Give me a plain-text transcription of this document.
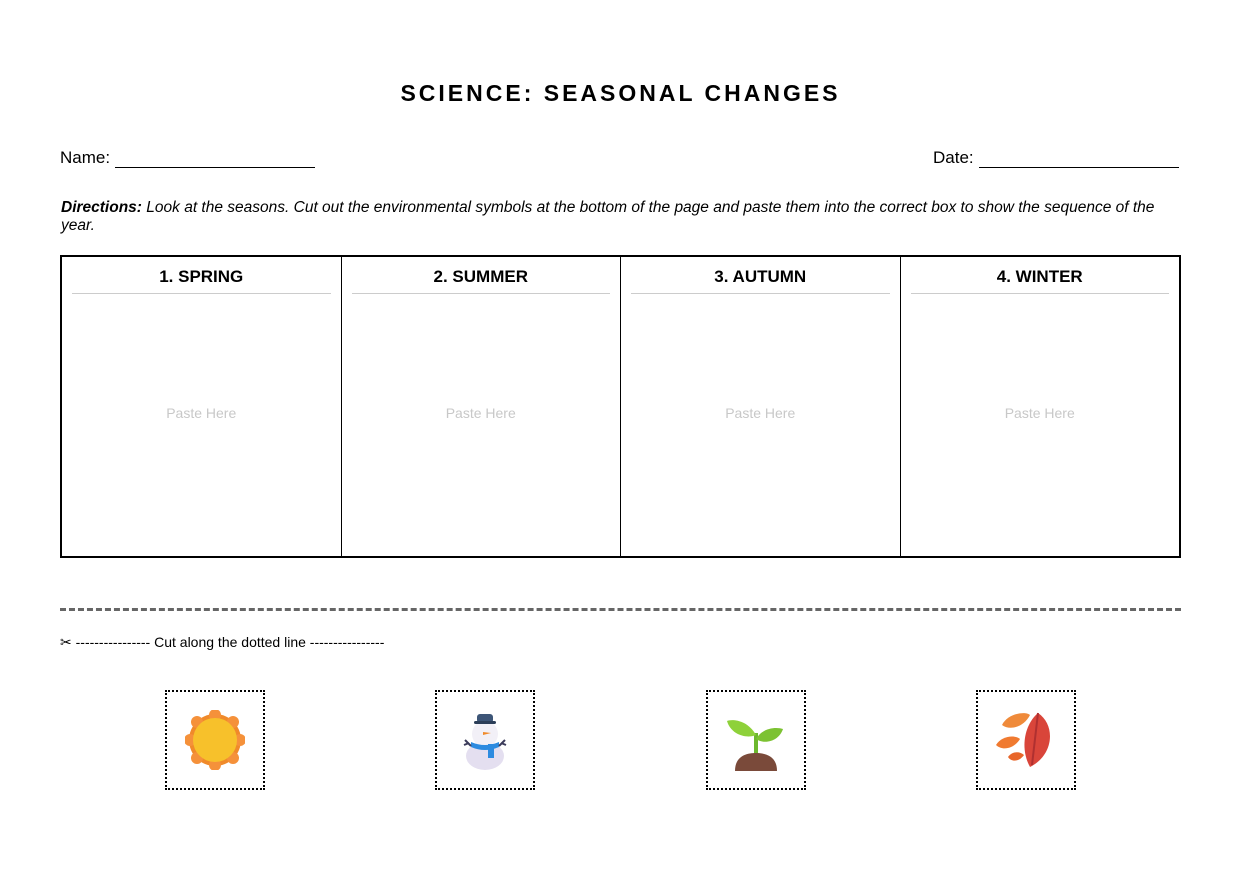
SCIENCE: SEASONAL CHANGES
Name:	Date:
Directions: Look at the seasons. Cut out the environmental symbols at the bottom of the page and paste them into the correct box to show the sequence of the year.
1. SPRING
Paste Here
2. SUMMER
Paste Here
3. AUTUMN
Paste Here
4. WINTER
Paste Here
✂ ---------------- Cut along the dotted line ----------------
